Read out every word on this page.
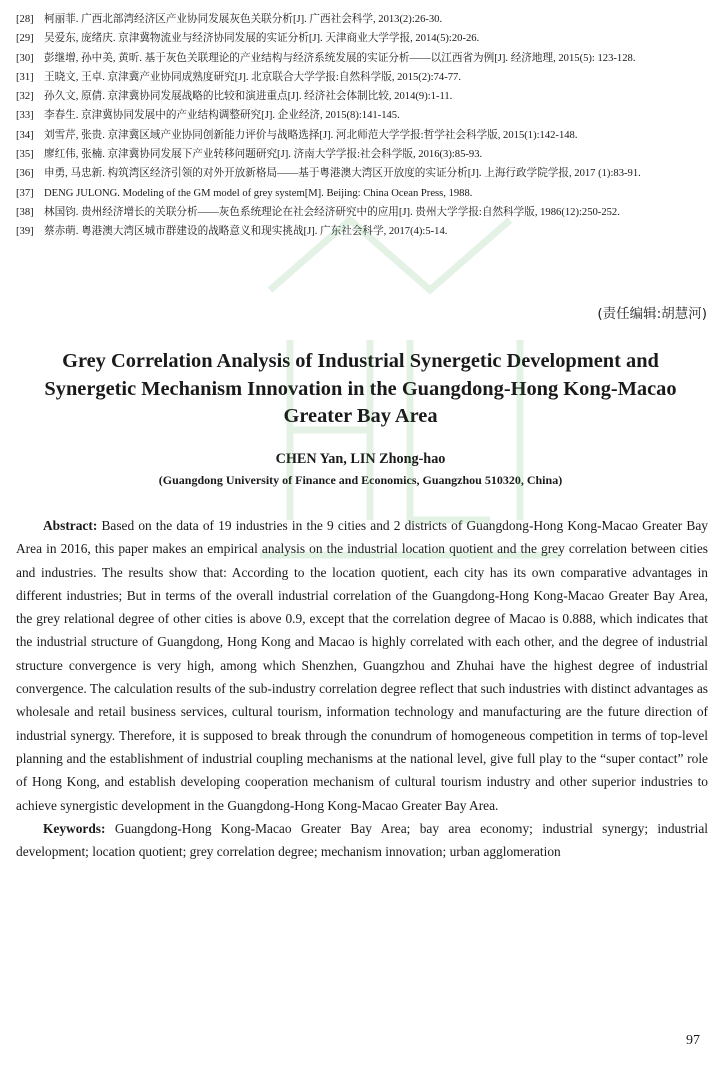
[28] 柯丽菲. 广西北部湾经济区产业协同发展灰色关联分析[J]. 广西社会科学, 2013(2):26-30.
[29] 吴爱东, 庞绪庆. 京津冀物流业与经济协同发展的实证分析[J]. 天津商业大学学报, 2014(5):20-26.
[30] 彭继增, 孙中美, 黄昕. 基于灰色关联理论的产业结构与经济系统发展的实证分析——以江西省为例[J]. 经济地理, 2015(5): 123-128.
[31] 王晓文, 王卓. 京津冀产业协同成熟度研究[J]. 北京联合大学学报:自然科学版, 2015(2):74-77.
[32] 孙久文, 原倩. 京津冀协同发展战略的比较和演进重点[J]. 经济社会体制比较, 2014(9):1-11.
[33] 李春生. 京津冀协同发展中的产业结构调整研究[J]. 企业经济, 2015(8):141-145.
[34] 刘雪芹, 张贵. 京津冀区域产业协同创新能力评价与战略选择[J]. 河北师范大学学报:哲学社会科学版, 2015(1):142-148.
[35] 廖红伟, 张楠. 京津冀协同发展下产业转移问题研究[J]. 济南大学学报:社会科学版, 2016(3):85-93.
[36] 申勇, 马忠新. 构筑湾区经济引领的对外开放新格局——基于粤港澳大湾区开放度的实证分析[J]. 上海行政学院学报, 2017 (1):83-91.
[37] DENG JULONG. Modeling of the GM model of grey system[M]. Beijing: China Ocean Press, 1988.
[38] 林国钧. 贵州经济增长的关联分析——灰色系统理论在社会经济研究中的应用[J]. 贵州大学学报:自然科学版, 1986(12):250-252.
[39] 蔡赤萌. 粤港澳大湾区城市群建设的战略意义和现实挑战[J]. 广东社会科学, 2017(4):5-14.
(责任编辑:胡慧河)
Grey Correlation Analysis of Industrial Synergetic Development and Synergetic Mechanism Innovation in the Guangdong-Hong Kong-Macao Greater Bay Area
CHEN Yan, LIN Zhong-hao
(Guangdong University of Finance and Economics, Guangzhou 510320, China)

Abstract: Based on the data of 19 industries in the 9 cities and 2 districts of Guangdong-Hong Kong-Macao Greater Bay Area in 2016, this paper makes an empirical analysis on the industrial location quotient and the grey correlation between cities and industries. The results show that: According to the location quotient, each city has its own comparative advantages in different industries; But in terms of the overall industrial correlation of the Guangdong-Hong Kong-Macao Greater Bay Area, the grey relational degree of other cities is above 0.9, except that the correlation degree of Macao is 0.888, which indicates that the industrial structure of Guangdong, Hong Kong and Macao is highly correlated with each other, and the degree of industrial structure convergence is very high, among which Shenzhen, Guangzhou and Zhuhai have the highest degree of industrial convergence. The calculation results of the sub-industry correlation degree reflect that such industries with distinct advantages as wholesale and retail business services, cultural tourism, information technology and manufacturing are the future direction of industrial synergy. Therefore, it is supposed to break through the conundrum of homogeneous competition in terms of top-level planning and the establishment of industrial coupling mechanisms at the national level, give full play to the “super contact” role of Hong Kong, and establish developing cooperation mechanism of cultural tourism industry and other superior industries to achieve synergistic development in the Guangdong-Hong Kong-Macao Greater Bay Area.

Keywords: Guangdong-Hong Kong-Macao Greater Bay Area; bay area economy; industrial synergy; industrial development; location quotient; grey correlation degree; mechanism innovation; urban agglomeration

97
